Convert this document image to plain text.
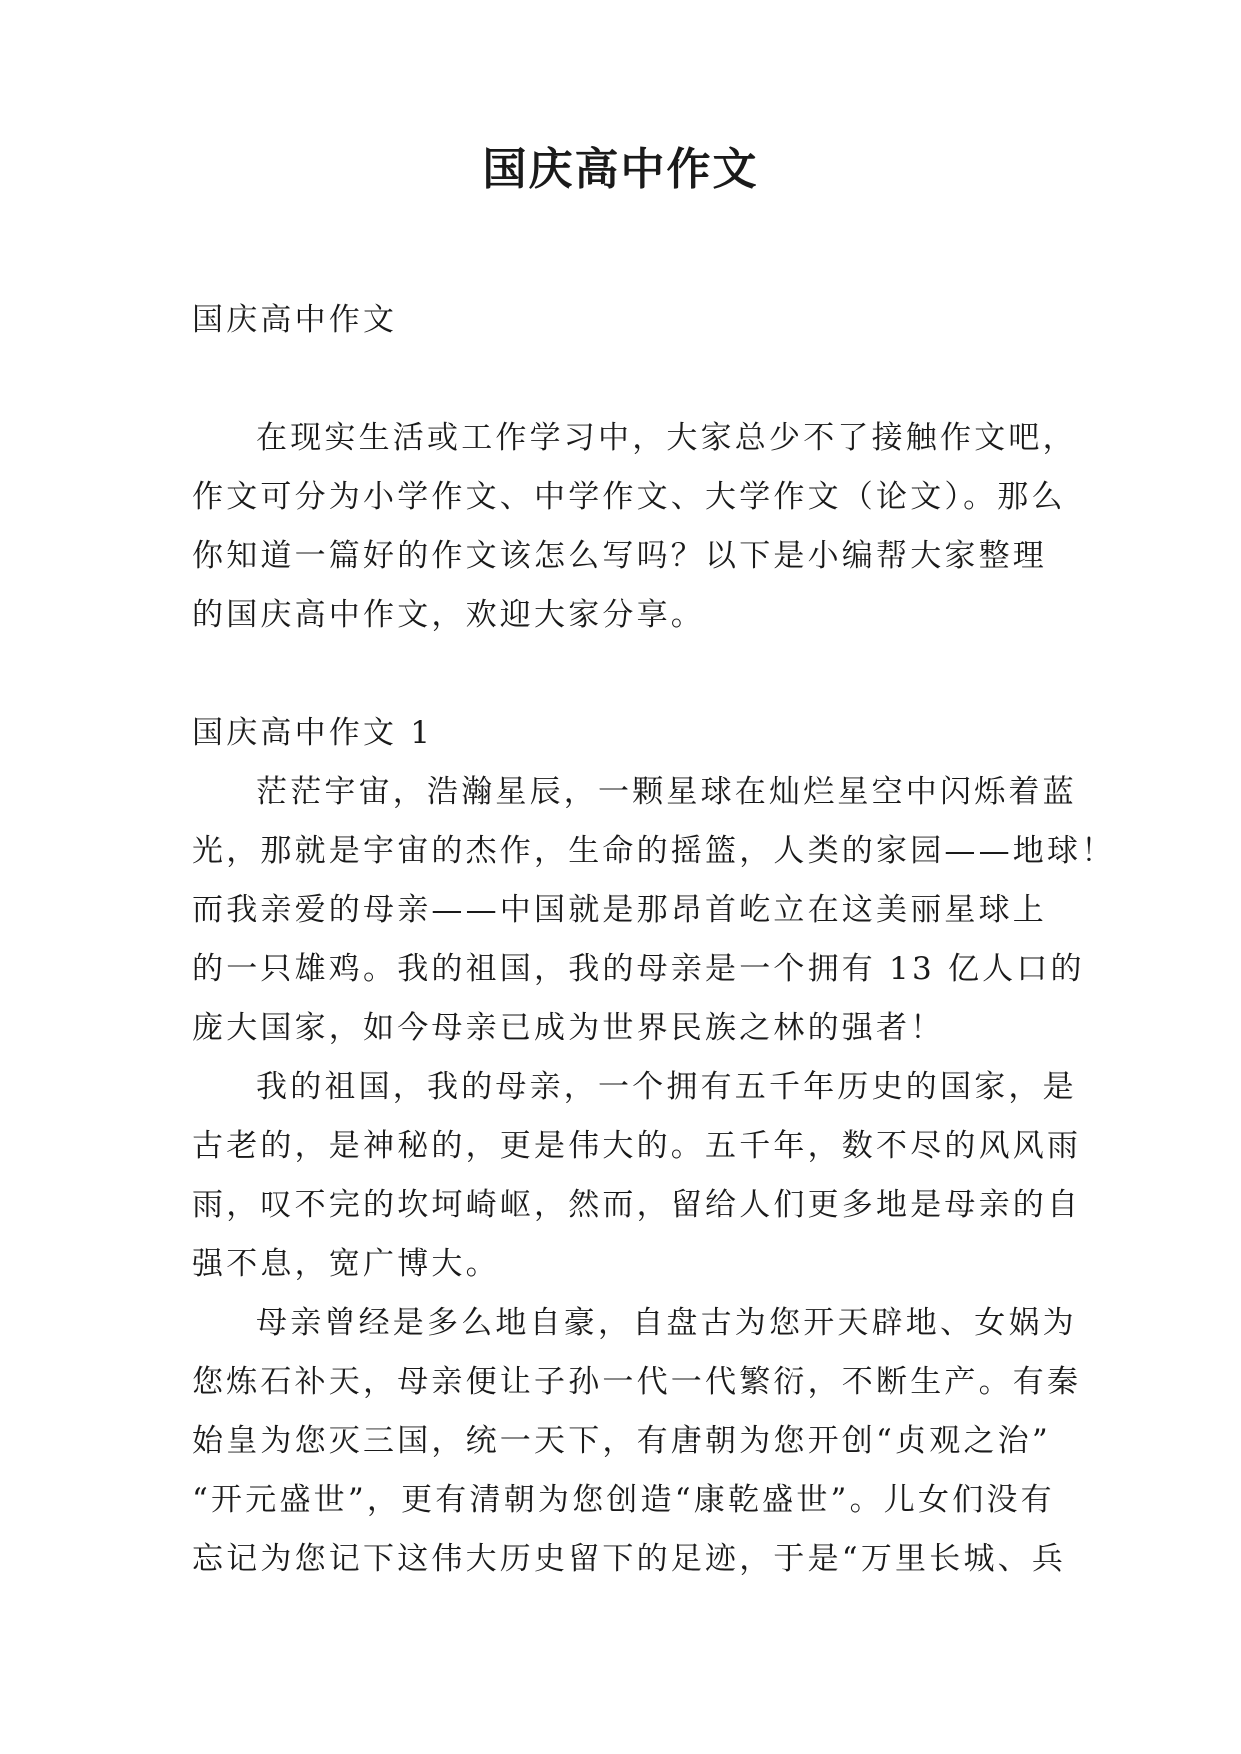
国庆高中作文
国庆高中作文
在现实生活或工作学习中，大家总少不了接触作文吧，
作文可分为小学作文、中学作文、大学作文（论文）。那么
你知道一篇好的作文该怎么写吗？以下是小编帮大家整理
的国庆高中作文，欢迎大家分享。
国庆高中作文 1
茫茫宇宙，浩瀚星辰，一颗星球在灿烂星空中闪烁着蓝
光，那就是宇宙的杰作，生命的摇篮，人类的家园——地球！
而我亲爱的母亲——中国就是那昂首屹立在这美丽星球上
的一只雄鸡。我的祖国，我的母亲是一个拥有 13 亿人口的
庞大国家，如今母亲已成为世界民族之林的强者！
我的祖国，我的母亲，一个拥有五千年历史的国家，是
古老的，是神秘的，更是伟大的。五千年，数不尽的风风雨
雨，叹不完的坎坷崎岖，然而，留给人们更多地是母亲的自
强不息，宽广博大。
母亲曾经是多么地自豪，自盘古为您开天辟地、女娲为
您炼石补天，母亲便让子孙一代一代繁衍，不断生产。有秦
始皇为您灭三国，统一天下，有唐朝为您开创“贞观之治”
“开元盛世”，更有清朝为您创造“康乾盛世”。儿女们没有
忘记为您记下这伟大历史留下的足迹，于是“万里长城、兵
